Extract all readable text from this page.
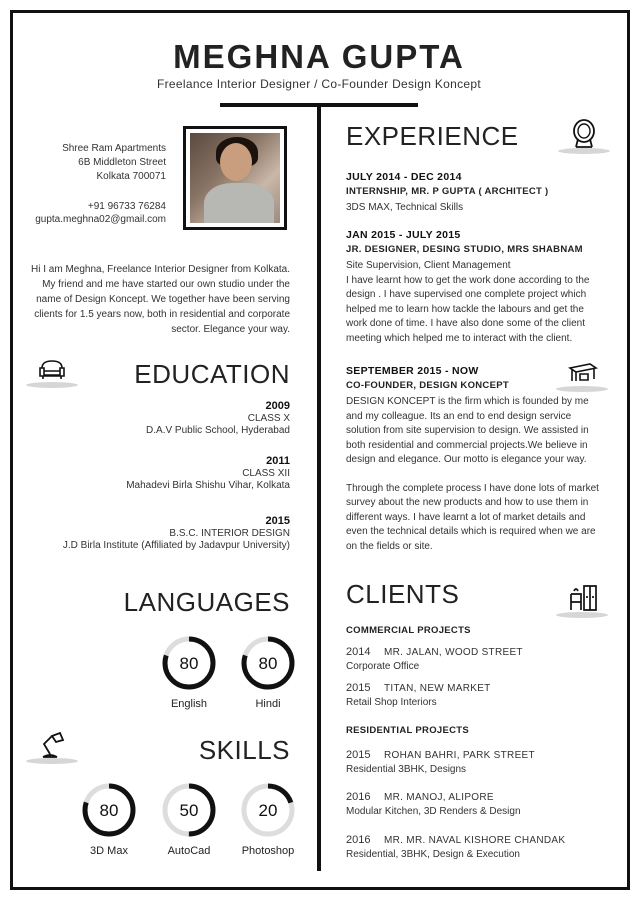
MEGHNA GUPTA
Freelance Interior Designer / Co-Founder Design Koncept
Shree Ram Apartments
6B Middleton Street
Kolkata 700071
+91 96733 76284
gupta.meghna02@gmail.com
Hi I am Meghna, Freelance Interior Designer from Kolkata. My friend and me have started our own studio under the name of Design Koncept. We together have been serving clients for 1.5 years now, both in residential and corporate sector. Elegance your way.
EDUCATION
2009
CLASS X
D.A.V Public School, Hyderabad
2011
CLASS XII
Mahadevi Birla Shishu Vihar, Kolkata
2015
B.S.C. INTERIOR DESIGN
J.D Birla Institute (Affiliated by Jadavpur University)
LANGUAGES
80
English
80
Hindi
SKILLS
80
3D Max
50
AutoCad
20
Photoshop
EXPERIENCE
JULY 2014 - DEC 2014
INTERNSHIP, MR. P GUPTA ( ARCHITECT )
3DS MAX, Technical Skills
JAN 2015 - JULY 2015
JR. DESIGNER, DESING STUDIO, MRS SHABNAM
Site Supervision, Client Management
I have learnt how to get the work done according to the design . I have supervised one complete project which helped me to learn how tackle the labours and get the work done of time. I have also done some of the client meeting which helped me to interact with the client.
SEPTEMBER 2015 - NOW
CO-FOUNDER, DESIGN KONCEPT
DESIGN KONCEPT is the firm which is founded by me and my colleague. Its an end to end design service solution from site supervision to design. We assisted in both residential and commercial projects.We believe in design and elegance. Our motto is elegance your way.
Through the complete process I have done lots of market survey about the new products and how to use them in different ways. I have learnt a lot of market details and even the technical details which is required when we are on the fields or site.
CLIENTS
COMMERCIAL PROJECTS
2014 MR. JALAN, WOOD STREET
Corporate Office
2015 TITAN, NEW MARKET
Retail Shop Interiors
RESIDENTIAL PROJECTS
2015 ROHAN BAHRI, PARK STREET
Residential 3BHK, Designs
2016 MR. MANOJ, ALIPORE
Modular Kitchen, 3D Renders & Design
2016 MR. MR. NAVAL KISHORE CHANDAK
Residential, 3BHK, Design & Execution
